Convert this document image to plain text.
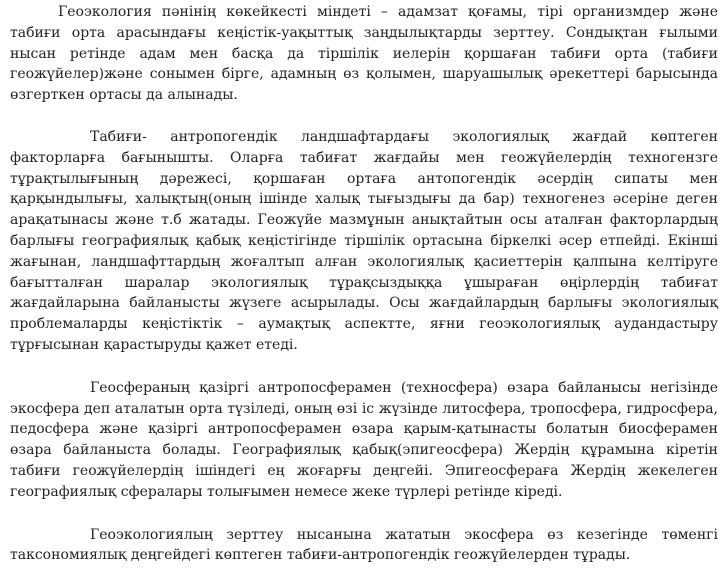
Геоэкология пәнінің көкейкесті міндеті – адамзат қоғамы, тірі организмдер және табиғи орта арасындағы кеңістік-уақыттық заңдылықтарды зерттеу. Сондықтан ғылыми нысан ретінде адам мен басқа да тіршілік иелерін қоршаған табиғи орта (табиғи геожүйелер)және сонымен бірге, адамның өз қолымен, шаруашылық әрекеттері барысында өзгерткен ортасы да алынады.

Табиғи- антропогендік ландшафтардағы экологиялық жағдай көптеген факторларға бағынышты. Оларға табиғат жағдайы мен геожүйелердің техногензге тұрақтылығының дәрежесі, қоршаған ортаға антопогендік әсердің сипаты мен қарқындылығы, халықтың(оның ішінде халық тығыздығы да бар) техногенез әсеріне деген арақатынасы және т.б жатады. Геожүйе мазмұнын анықтайтын осы аталған факторлардың барлығы географиялық қабық кеңістігінде тіршілік ортасына біркелкі әсер етпейді. Екінші жағынан, ландшафттардың жоғалтып алған экологиялық қасиеттерін қалпына келтіруге бағытталған шаралар экологиялық тұрақсыздыққа ұшыраған өңірлердің табиғат жағдайларына байланысты жүзеге асырылады. Осы жағдайлардың барлығы экологиялық проблемаларды кеңістіктік – аумақтық аспектте, яғни геоэкологиялық аудандастыру тұрғысынан қарастыруды қажет етеді.

Геосфераның қазіргі антропосферамен (техносфера) өзара байланысы негізінде экосфера деп аталатын орта түзіледі, оның өзі іс жүзінде литосфера, тропосфера, гидросфера, педосфера және қазіргі антропосферамен өзара қарым-қатынасты болатын биосферамен өзара байланыста болады. Географиялық қабық(эпигеосфера) Жердің құрамына кіретін табиғи геожүйелердің ішіндегі ең жоғарғы деңгейі. Эпигеосфераға Жердің жекелеген географиялық сфералары толығымен немесе жеке түрлері ретінде кіреді.

Геоэкологиялың зерттеу нысанына жататын экосфера өз кезегінде төменгі таксономиялық деңгейдегі көптеген табиғи-антропогендік геожүйелерден тұрады.
